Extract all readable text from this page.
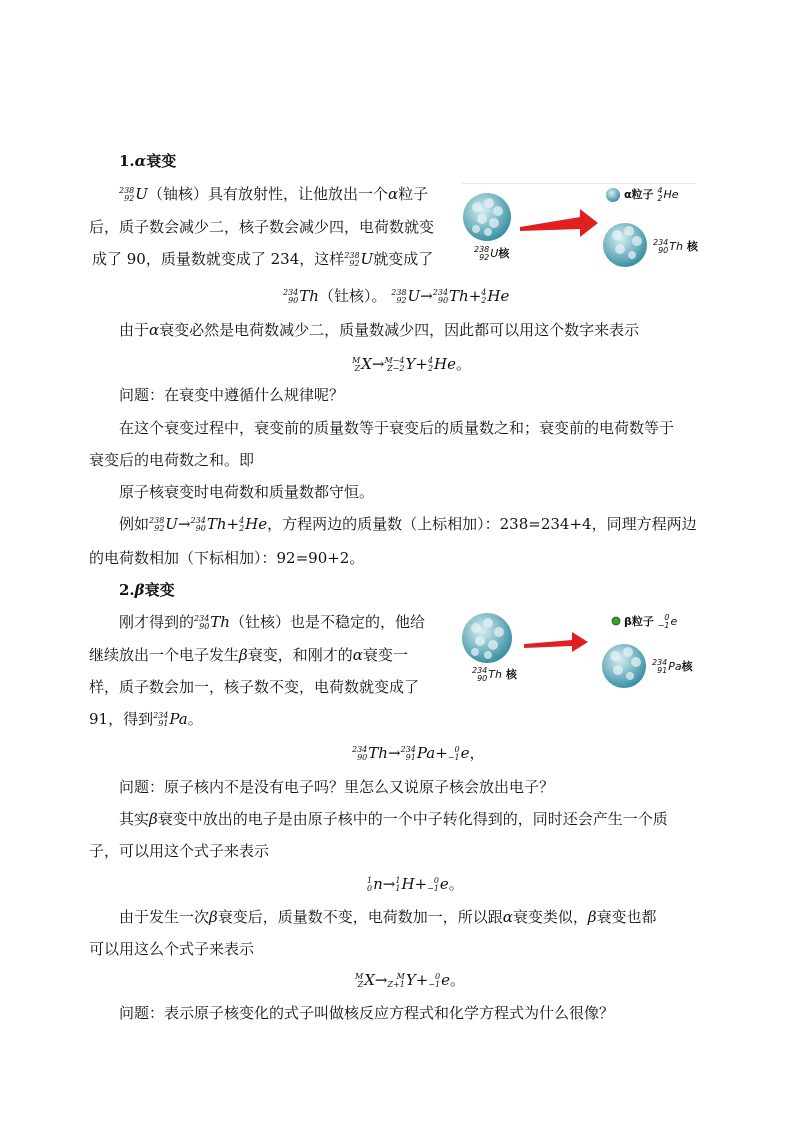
1.α衰变
238
92 U（铀核）具有放射性，让他放出一个α粒子
后，质子数会减少二，核子数会减少四，电荷数就变
成了 90，质量数就变成了 234，这样 238
92 U就变成了
α粒子 4
2 He
238
92 U核
234
90 Th 核
234
90 Th（钍核）。 238
92 U→ 234
90 Th+ 4
2 He
由于α衰变必然是电荷数减少二，质量数减少四，因此都可以用这个数字来表示
M
Z X→ M−4
Z−2 Y+ 4
2 He。
问题：在衰变中遵循什么规律呢？
在这个衰变过程中，衰变前的质量数等于衰变后的质量数之和；衰变前的电荷数等于
衰变后的电荷数之和。即
原子核衰变时电荷数和质量数都守恒。
例如 238
92 U→ 234
90 Th+ 4
2 He，方程两边的质量数（上标相加）：238=234+4，同理方程两边
的电荷数相加（下标相加）：92=90+2。
2.β衰变
刚才得到的 234
90 Th（钍核）也是不稳定的，他给
继续放出一个电子发生β衰变，和刚才的α衰变一
样，质子数会加一，核子数不变，电荷数就变成了
91，得到 234
91 Pa。
β粒子	0
−1 e
234
90 Th 核
234
91 Pa核
234
90 Th→ 234
91 Pa+ 0
−1 e，
问题：原子核内不是没有电子吗？里怎么又说原子核会放出电子？
其实β衰变中放出的电子是由原子核中的一个中子转化得到的，同时还会产生一个质
子，可以用这个式子来表示
1
0 n→ 1
1 H+ 0
−1 e。
由于发生一次β衰变后，质量数不变，电荷数加一，所以跟α衰变类似，β衰变也都
可以用这么个式子来表示
M
Z X→	M
Z+1 Y+ 0
−1 e。
问题：表示原子核变化的式子叫做核反应方程式和化学方程式为什么很像？
